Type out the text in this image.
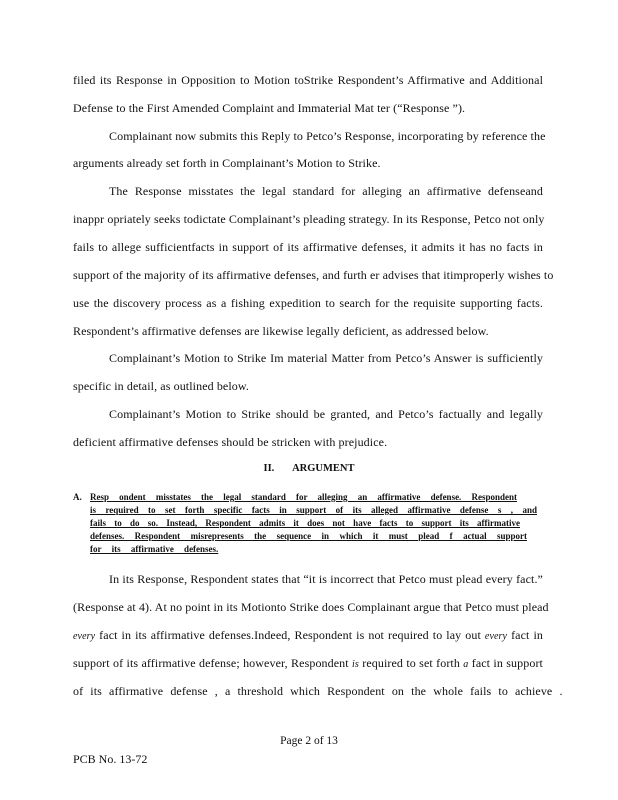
filed its Response in Opposition to Motion toStrike Respondent’s Affirmative and Additional
Defense to the First Amended Complaint and Immaterial Mat ter (“Response ”).
Complainant now submits this Reply to Petco’s Response, incorporating by reference the
arguments already set forth in Complainant’s Motion to Strike.
The Response misstates the legal standard for alleging an affirmative defenseand
inappr opriately seeks todictate Complainant’s pleading strategy. In its Response, Petco not only
fails to allege sufficientfacts in support of its affirmative defenses, it admits it has no facts in
support of the majority of its affirmative defenses, and furth er advises that itimproperly wishes to
use the discovery process as a fishing expedition to search for the requisite supporting facts.
Respondent’s affirmative defenses are likewise legally deficient, as addressed below.
Complainant’s Motion to Strike Im material Matter from Petco’s Answer is sufficiently
specific in detail, as outlined below.
Complainant’s Motion to Strike should be granted, and Petco’s factually and legally
deficient affirmative defenses should be stricken with prejudice.
II. ARGUMENT
A. Resp ondent misstates the legal standard for alleging an affirmative defense. Respondent
is required to set forth specific facts in support of its alleged affirmative defense s , and
fails to do so. Instead, Respondent admits it does not have facts to support its affirmative
defenses. Respondent misrepresents the sequence in which it must plead f actual support
for its affirmative defenses.
In its Response, Respondent states that “it is incorrect that Petco must plead every fact.”
(Response at 4). At no point in its Motionto Strike does Complainant argue that Petco must plead
every fact in its affirmative defenses.Indeed, Respondent is not required to lay out every fact in
support of its affirmative defense; however, Respondent is required to set forth a fact in support
of its affirmative defense , a threshold which Respondent on the whole fails to achieve .
Page 2 of 13
PCB No. 13-72
